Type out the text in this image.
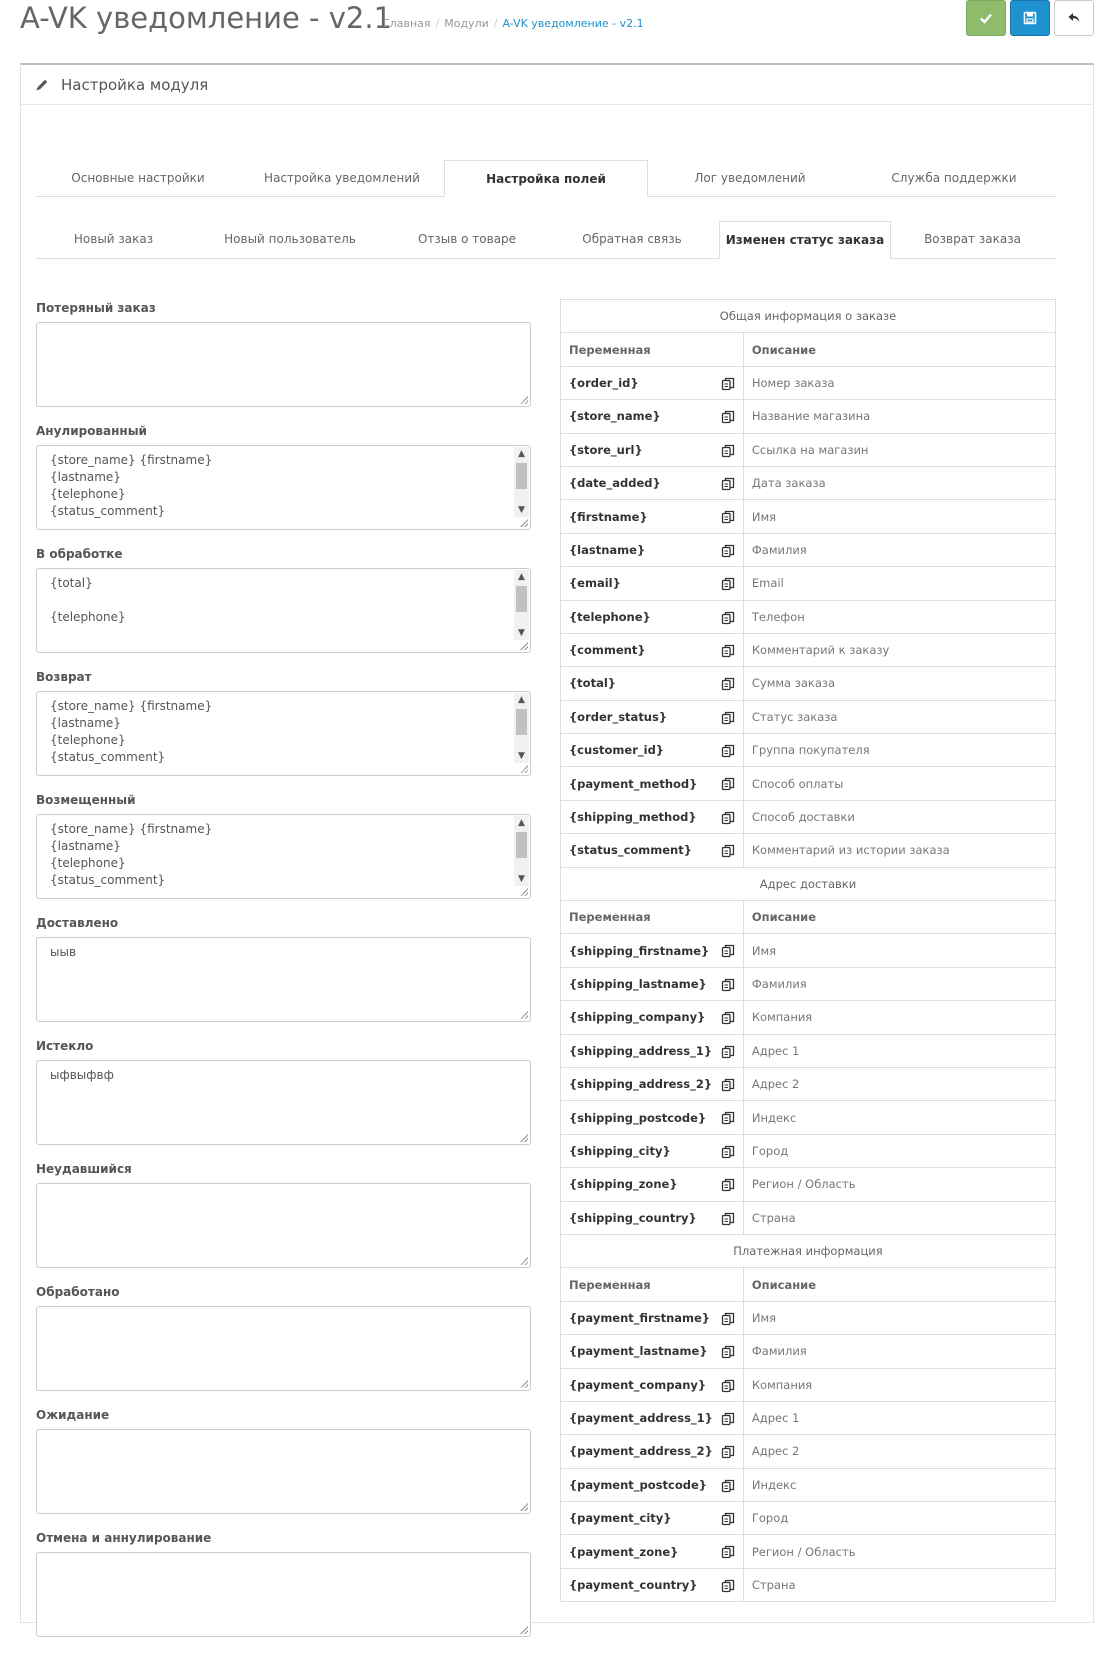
A-VK уведомление - v2.1
Главная / Модули / A-VK уведомление - v2.1
Настройка модуля
Основные настройки	Настройка уведомлений	Настройка полей	Лог уведомлений	Служба поддержки
Новый заказ	Новый пользователь	Отзыв о товаре	Обратная связь	Изменен статус заказа	Возврат заказа
Потеряный заказ
Анулированный
{store_name} {firstname}
{lastname}
{telephone}
{status_comment}
▲
▼
В обработке
{total}

{telephone}
▲
▼
Возврат
{store_name} {firstname}
{lastname}
{telephone}
{status_comment}
▲
▼
Возмещенный
{store_name} {firstname}
{lastname}
{telephone}
{status_comment}
▲
▼
Доставлено
ыыв
Истекло
ыфвыфвф
Неудавшийся
Обработано
Ожидание
Отмена и аннулирование
Общая информация о заказе	
Переменная	Описание
{order_id}	Номер заказа
{store_name}	Название магазина
{store_url}	Ссылка на магазин
{date_added}	Дата заказа
{firstname}	Имя
{lastname}	Фамилия
{email}	Email
{telephone}	Телефон
{comment}	Комментарий к заказу
{total}	Сумма заказа
{order_status}	Статус заказа
{customer_id}	Группа покупателя
{payment_method}	Способ оплаты
{shipping_method}	Способ доставки
{status_comment}	Комментарий из истории заказа
Адрес доставки	
Переменная	Описание
{shipping_firstname}	Имя
{shipping_lastname}	Фамилия
{shipping_company}	Компания
{shipping_address_1}	Адрес 1
{shipping_address_2}	Адрес 2
{shipping_postcode}	Индекс
{shipping_city}	Город
{shipping_zone}	Регион / Область
{shipping_country}	Страна
Платежная информация	
Переменная	Описание
{payment_firstname}	Имя
{payment_lastname}	Фамилия
{payment_company}	Компания
{payment_address_1}	Адрес 1
{payment_address_2}	Адрес 2
{payment_postcode}	Индекс
{payment_city}	Город
{payment_zone}	Регион / Область
{payment_country}	Страна
